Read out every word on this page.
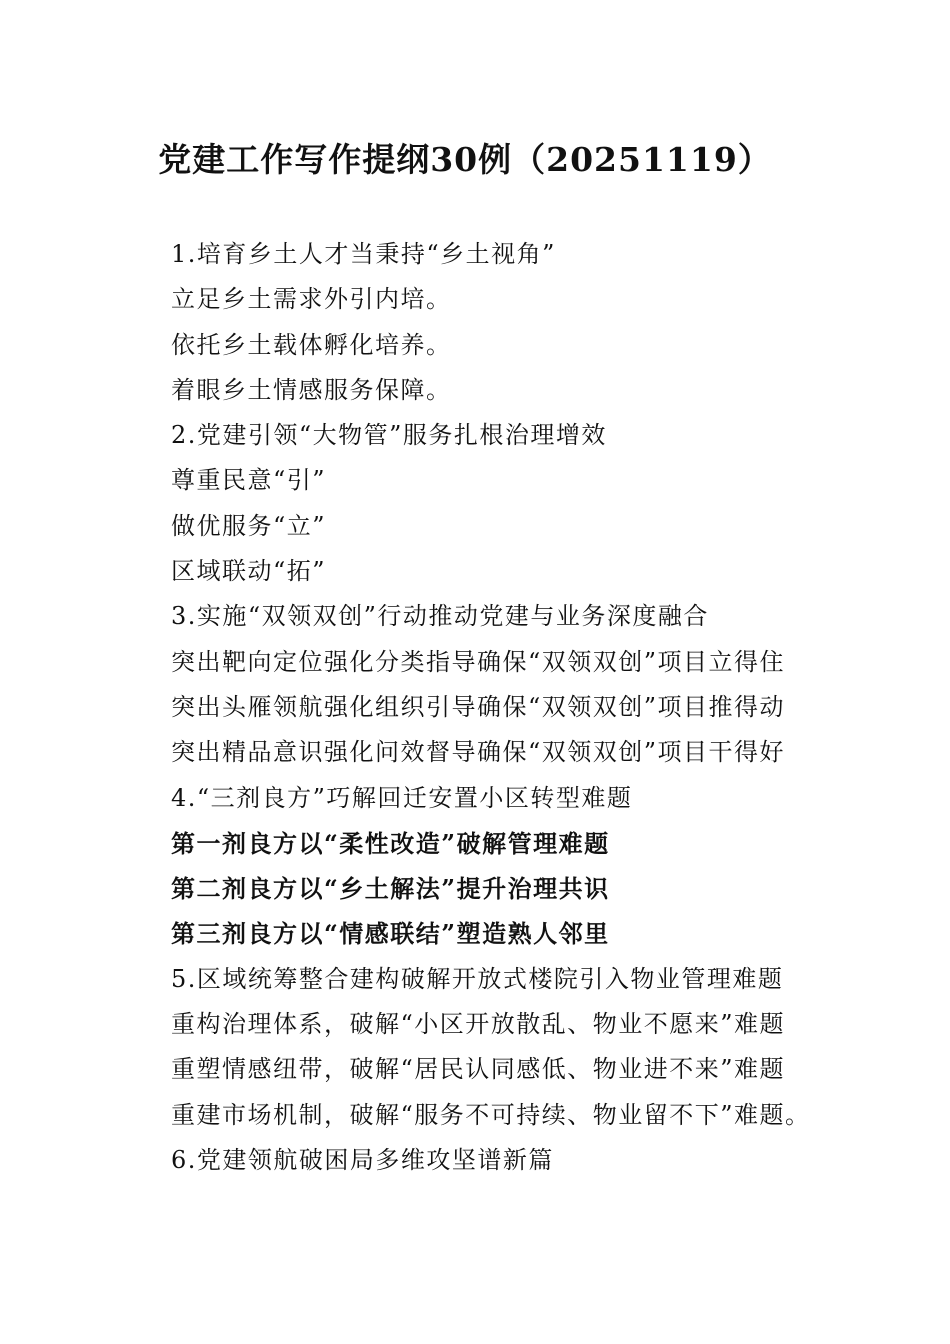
党建工作写作提纲30例（20251119）
1.培育乡土人才当秉持“乡土视角”
立足乡土需求外引内培。
依托乡土载体孵化培养。
着眼乡土情感服务保障。
2.党建引领“大物管”服务扎根治理增效
尊重民意“引”
做优服务“立”
区域联动“拓”
3.实施“双领双创”行动推动党建与业务深度融合
突出靶向定位强化分类指导确保“双领双创”项目立得住
突出头雁领航强化组织引导确保“双领双创”项目推得动
突出精品意识强化问效督导确保“双领双创”项目干得好
4.“三剂良方”巧解回迁安置小区转型难题
第一剂良方以“柔性改造”破解管理难题
第二剂良方以“乡土解法”提升治理共识
第三剂良方以“情感联结”塑造熟人邻里
5.区域统筹整合建构破解开放式楼院引入物业管理难题
重构治理体系，破解“小区开放散乱、物业不愿来”难题
重塑情感纽带，破解“居民认同感低、物业进不来”难题
重建市场机制，破解“服务不可持续、物业留不下”难题。
6.党建领航破困局多维攻坚谱新篇
